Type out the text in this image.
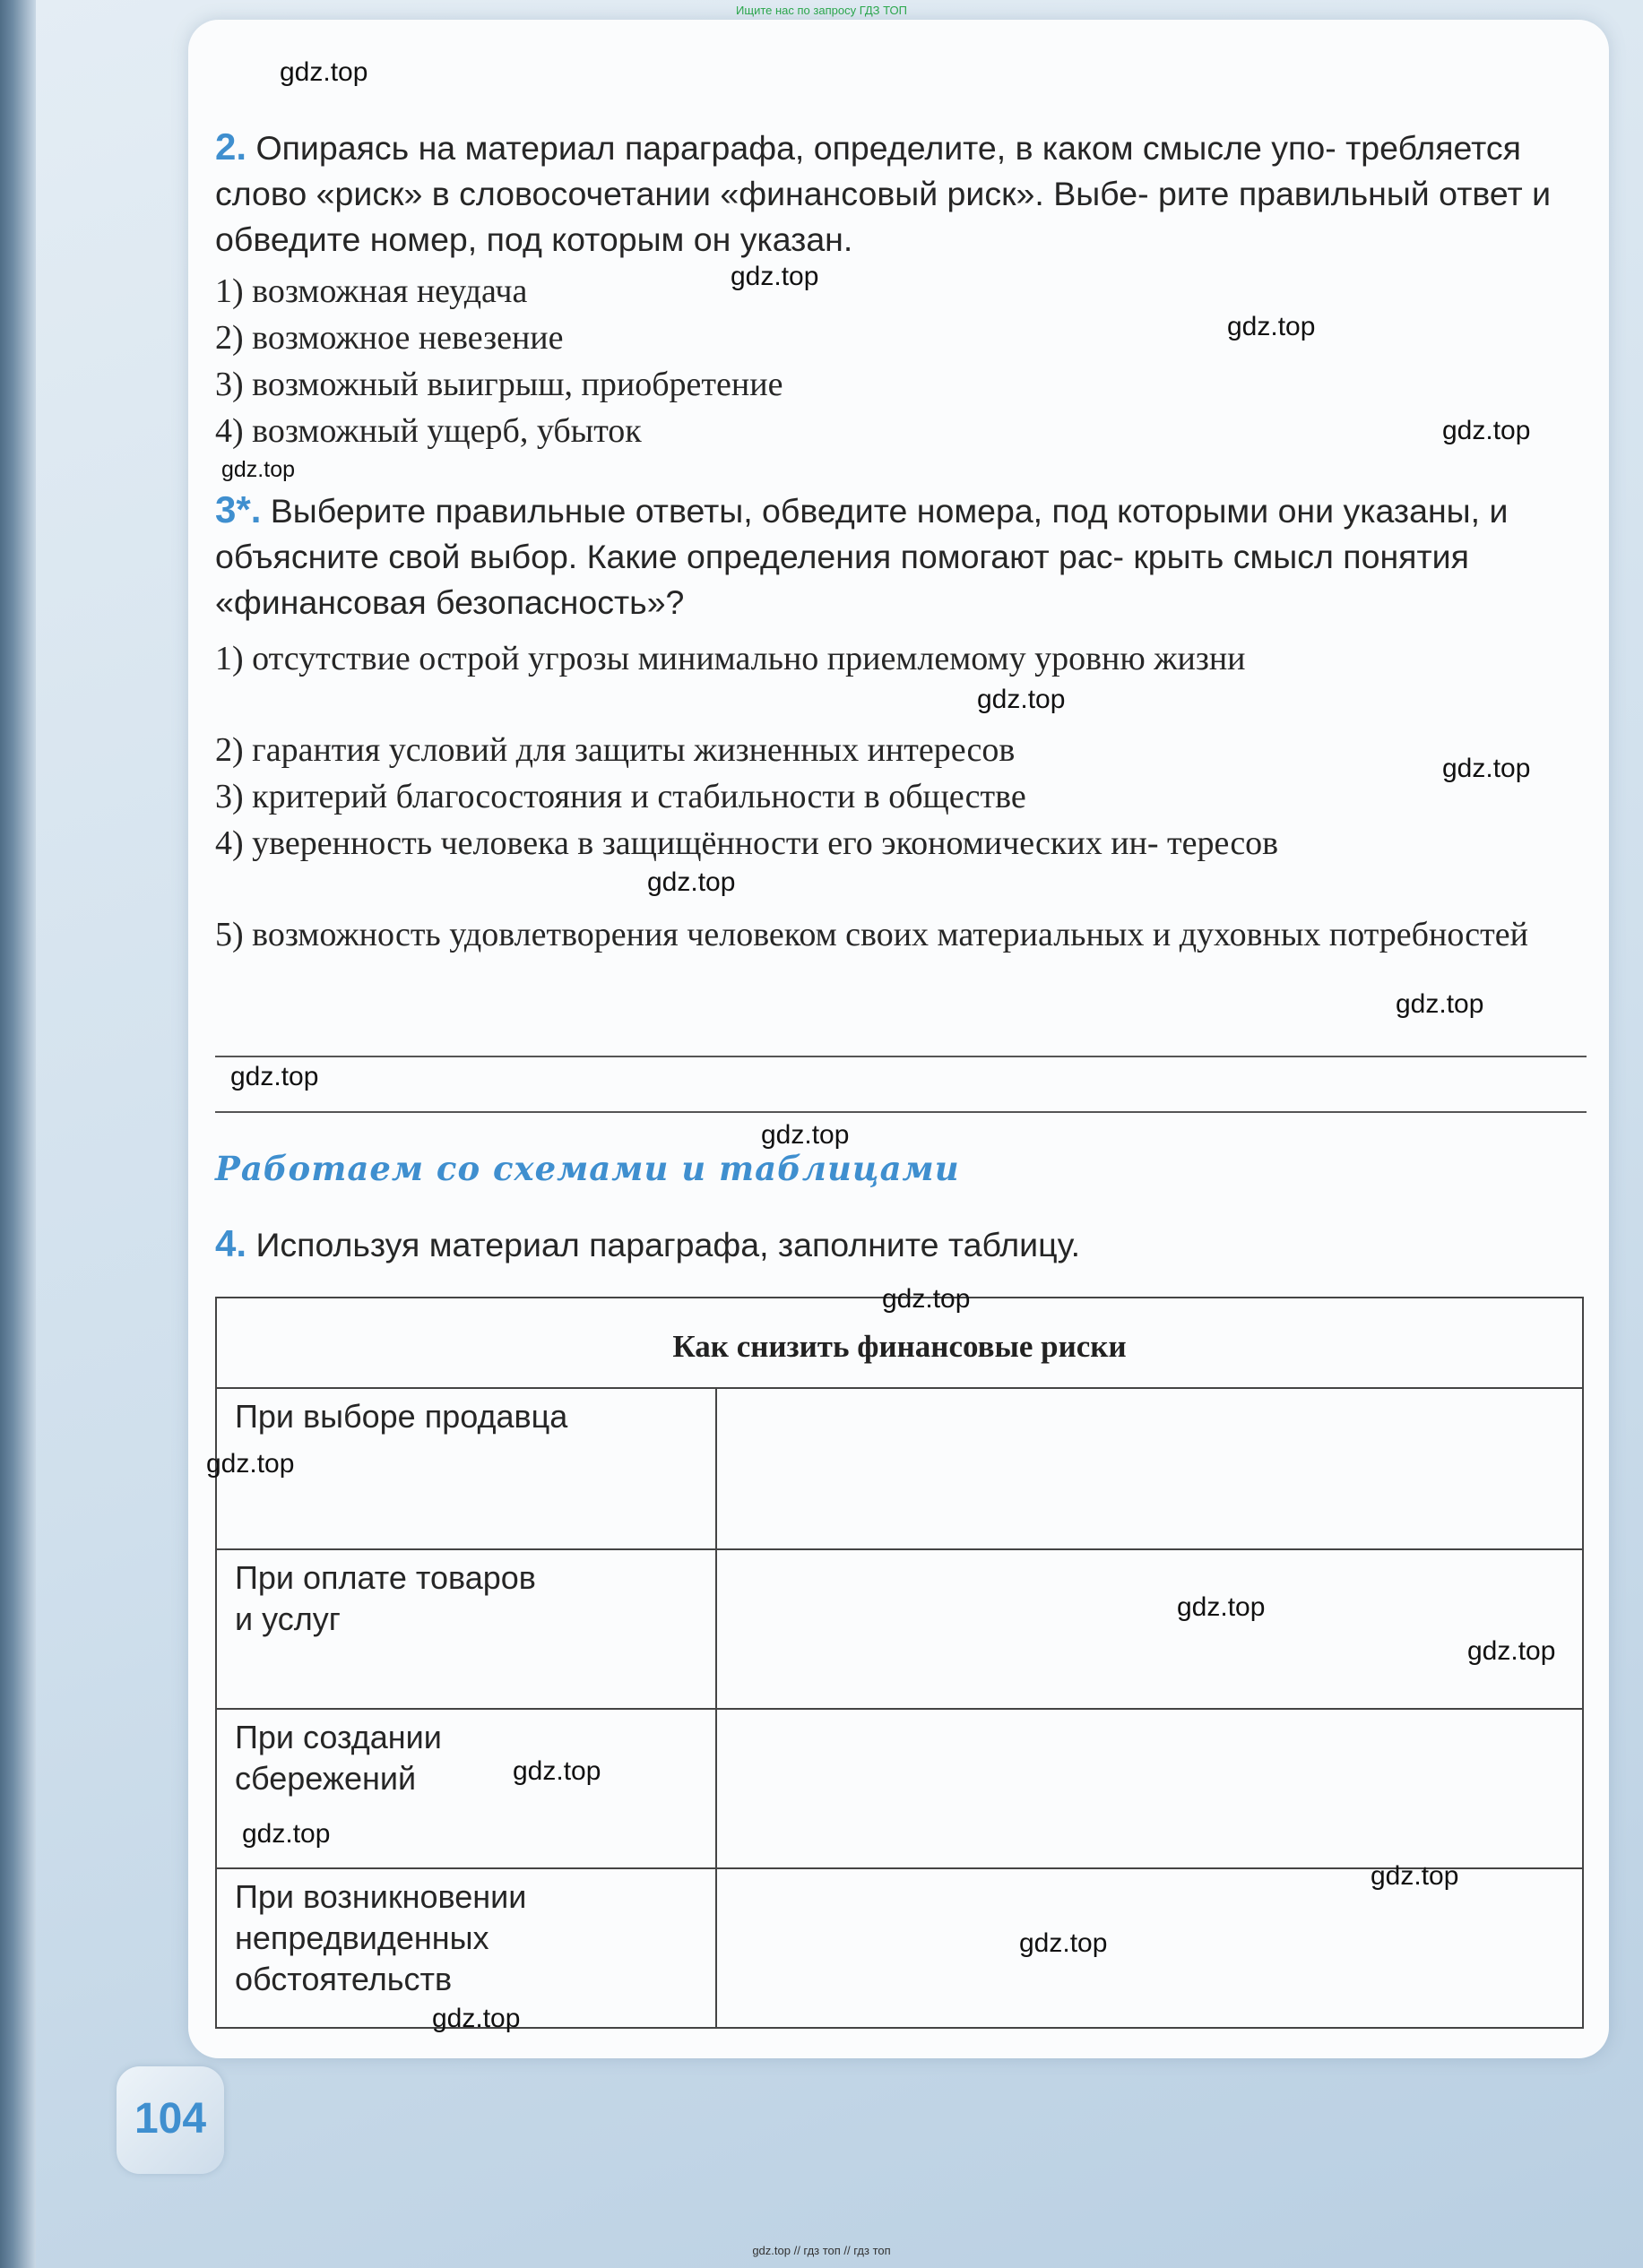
Ищите нас по запросу ГДЗ ТОП
2. Опираясь на материал параграфа, определите, в каком смысле упо- требляется слово «риск» в словосочетании «финансовый риск». Выбе- рите правильный ответ и обведите номер, под которым он указан.
1) возможная неудача
2) возможное невезение
3) возможный выигрыш, приобретение
4) возможный ущерб, убыток
3*. Выберите правильные ответы, обведите номера, под которыми они указаны, и объясните свой выбор. Какие определения помогают рас- крыть смысл понятия «финансовая безопасность»?
1) отсутствие острой угрозы минимально приемлемому уровню жизни
2) гарантия условий для защиты жизненных интересов
3) критерий благосостояния и стабильности в обществе
4) уверенность человека в защищённости его экономических ин- тересов
5) возможность удовлетворения человеком своих материальных и духовных потребностей
Работаем со схемами и таблицами
4. Используя материал параграфа, заполните таблицу.
Как снизить финансовые риски	
При выборе продавца	

При оплате товаров и услуг	

При создании сбережений	

При возникновении непредвиденных обстоятельств	

gdz.top
gdz.top
gdz.top
gdz.top
gdz.top
gdz.top
gdz.top
gdz.top
gdz.top
gdz.top
gdz.top
gdz.top
gdz.top
gdz.top
gdz.top
gdz.top
gdz.top
gdz.top
gdz.top
gdz.top
104
gdz.top // гдз топ // гдз топ
